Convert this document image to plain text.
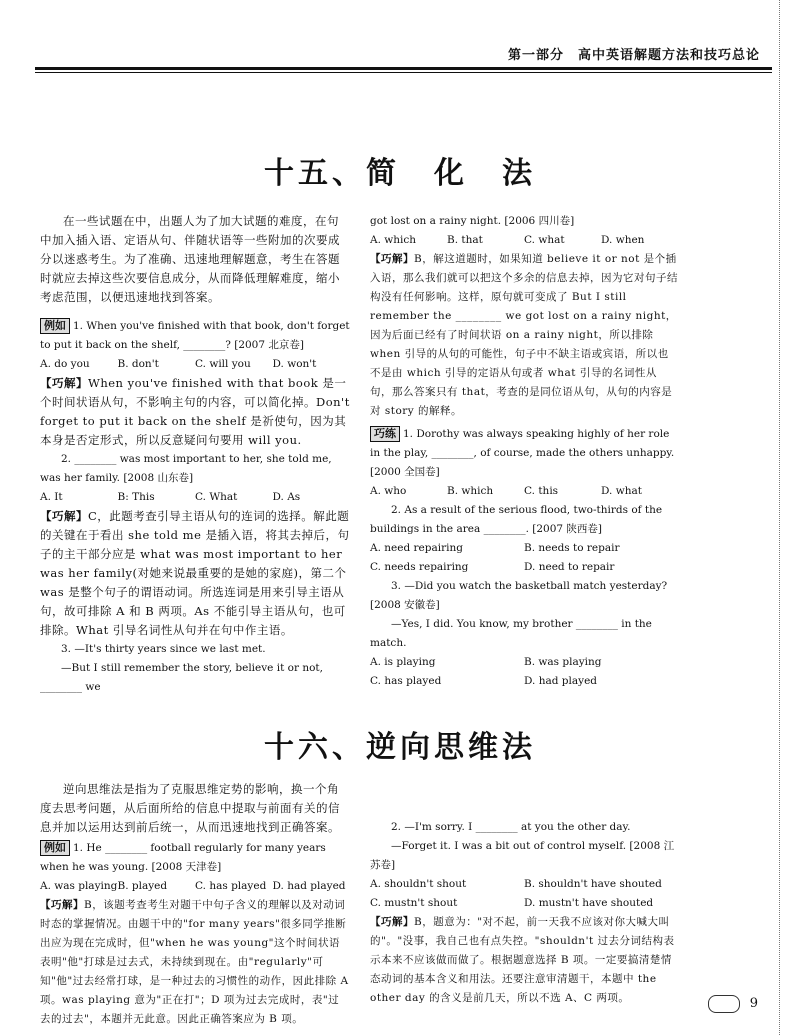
第一部分　高中英语解题方法和技巧总论
十五、简　化　法

在一些试题在中，出题人为了加大试题的难度，在句中加入插入语、定语从句、伴随状语等一些附加的次要成分以迷惑考生。为了准确、迅速地理解题意，考生在答题时就应去掉这些次要信息成分，从而降低理解难度，缩小考虑范围，以便迅速地找到答案。

例如 1. When you've finished with that book, don't forget to put it back on the shelf, ________? [2007 北京卷]

A. do you	B. don't	C. will you	D. won't

【巧解】When you've finished with that book 是一个时间状语从句，不影响主句的内容，可以简化掉。Don't forget to put it back on the shelf 是祈使句，因为其本身是否定形式，所以反意疑问句要用 will you.

2. ________ was most important to her, she told me, was her family. [2008 山东卷]

A. It	B: This	C. What	D. As

【巧解】C，此题考查引导主语从句的连词的选择。解此题的关键在于看出 she told me 是插入语，将其去掉后，句子的主干部分应是 what was most important to her was her family(对她来说最重要的是她的家庭)，第二个 was 是整个句子的谓语动词。所选连词是用来引导主语从句，故可排除 A 和 B 两项。As 不能引导主语从句，也可排除。What 引导名词性从句并在句中作主语。

3. —It's thirty years since we last met.

—But I still remember the story, believe it or not, ________ we

got lost on a rainy night. [2006 四川卷]

A. which	B. that	C. what	D. when

【巧解】B，解这道题时，如果知道 believe it or not 是个插入语，那么我们就可以把这个多余的信息去掉，因为它对句子结构没有任何影响。这样，原句就可变成了 But I still remember the ________ we got lost on a rainy night，因为后面已经有了时间状语 on a rainy night，所以排除 when 引导的从句的可能性，句子中不缺主语或宾语，所以也不是由 which 引导的定语从句或者 what 引导的名词性从句，那么答案只有 that，考查的是同位语从句，从句的内容是对 story 的解释。

巧练 1. Dorothy was always speaking highly of her role in the play, ________, of course, made the others unhappy. [2000 全国卷]

A. who	B. which	C. this	D. what

2. As a result of the serious flood, two-thirds of the buildings in the area ________. [2007 陕西卷]

A. need repairing	B. needs to repair
C. needs repairing	D. need to repair

3. —Did you watch the basketball match yesterday? [2008 安徽卷]

—Yes, I did. You know, my brother ________ in the match.

A. is playing	B. was playing
C. has played	D. had played
十六、逆向思维法

逆向思维法是指为了克服思维定势的影响，换一个角度去思考问题，从后面所给的信息中提取与前面有关的信息并加以运用达到前后统一，从而迅速地找到正确答案。

例如 1. He ________ football regularly for many years when he was young. [2008 天津卷]

A. was playing B. played	C. has played D. had played

【巧解】B，该题考查考生对题干中句子含义的理解以及对动词时态的掌握情况。由题干中的"for many years"很多同学推断出应为现在完成时，但"when he was young"这个时间状语表明"他"打球是过去式，未持续到现在。由"regularly"可知"他"过去经常打球，是一种过去的习惯性的动作，因此排除 A 项。was playing 意为"正在打"；D 项为过去完成时，表"过去的过去"，本题并无此意。因此正确答案应为 B 项。

2. —I'm sorry. I ________ at you the other day.

—Forget it. I was a bit out of control myself. [2008 江苏卷]

A. shouldn't shout	B. shouldn't have shouted
C. mustn't shout	D. mustn't have shouted

【巧解】B，题意为："对不起，前一天我不应该对你大喊大叫的"。"没事，我自己也有点失控。"shouldn't 过去分词结构表示本来不应该做而做了。根据题意选择 B 项。一定要搞清楚情态动词的基本含义和用法。还要注意审清题干，本题中 the other day 的含义是前几天，所以不选 A、C 两项。	9
